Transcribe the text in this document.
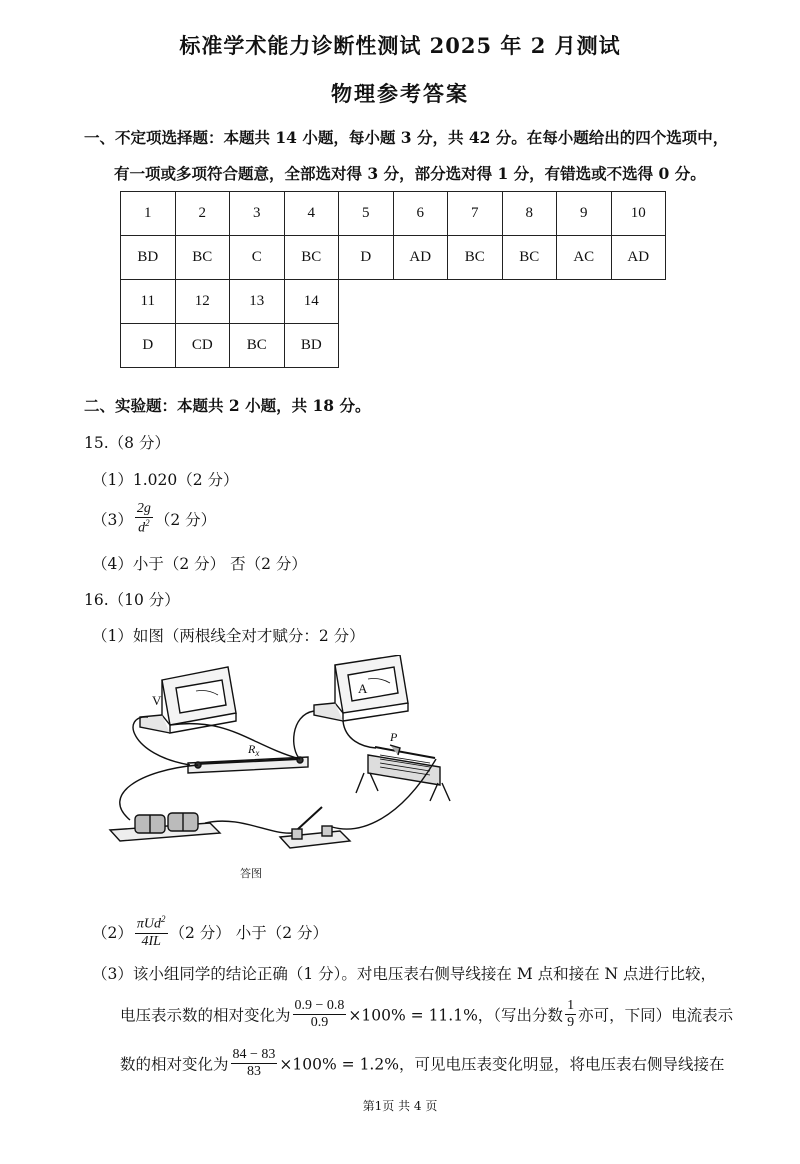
标准学术能力诊断性测试 2025 年 2 月测试
物理参考答案
一、不定项选择题：本题共 14 小题，每小题 3 分，共 42 分。在每小题给出的四个选项中，
有一项或多项符合题意，全部选对得 3 分，部分选对得 1 分，有错选或不选得 0 分。
1	2	3	4	5	6	7	8	9	10
BD	BC	C	BC	D	AD	BC	BC	AC	AD
11	12	13	14						
D	CD	BC	BD						
二、实验题：本题共 2 小题，共 18 分。
15.（8 分）
（1）1.020（2 分）
$(3) \frac{2g}{d^2} (2$ 分）
（4）小于（2 分） 否（2 分）
16.（10 分）
（1）如图（两根线全对才赋分：2 分）
V
A
$R_x$
P
答图
$(2) \frac{\pi Ud^2}{4IL} (2$ 分） 小于（2 分）
（3）该小组同学的结论正确（1 分）。对电压表右侧导线接在 M 点和接在 N 点进行比较，
电压表示数的相对变化为 $\frac{0.9 - 0.8}{0.9} \times 100\% = 11.1\%$，（写出分数 $\frac{1}{9}$ 亦可，下同）电流表示
数的相对变化为 $\frac{84 - 83}{83} \times 100\% = 1.2\%$，可见电压表变化明显，将电压表右侧导线接在
第1页 共 4 页
